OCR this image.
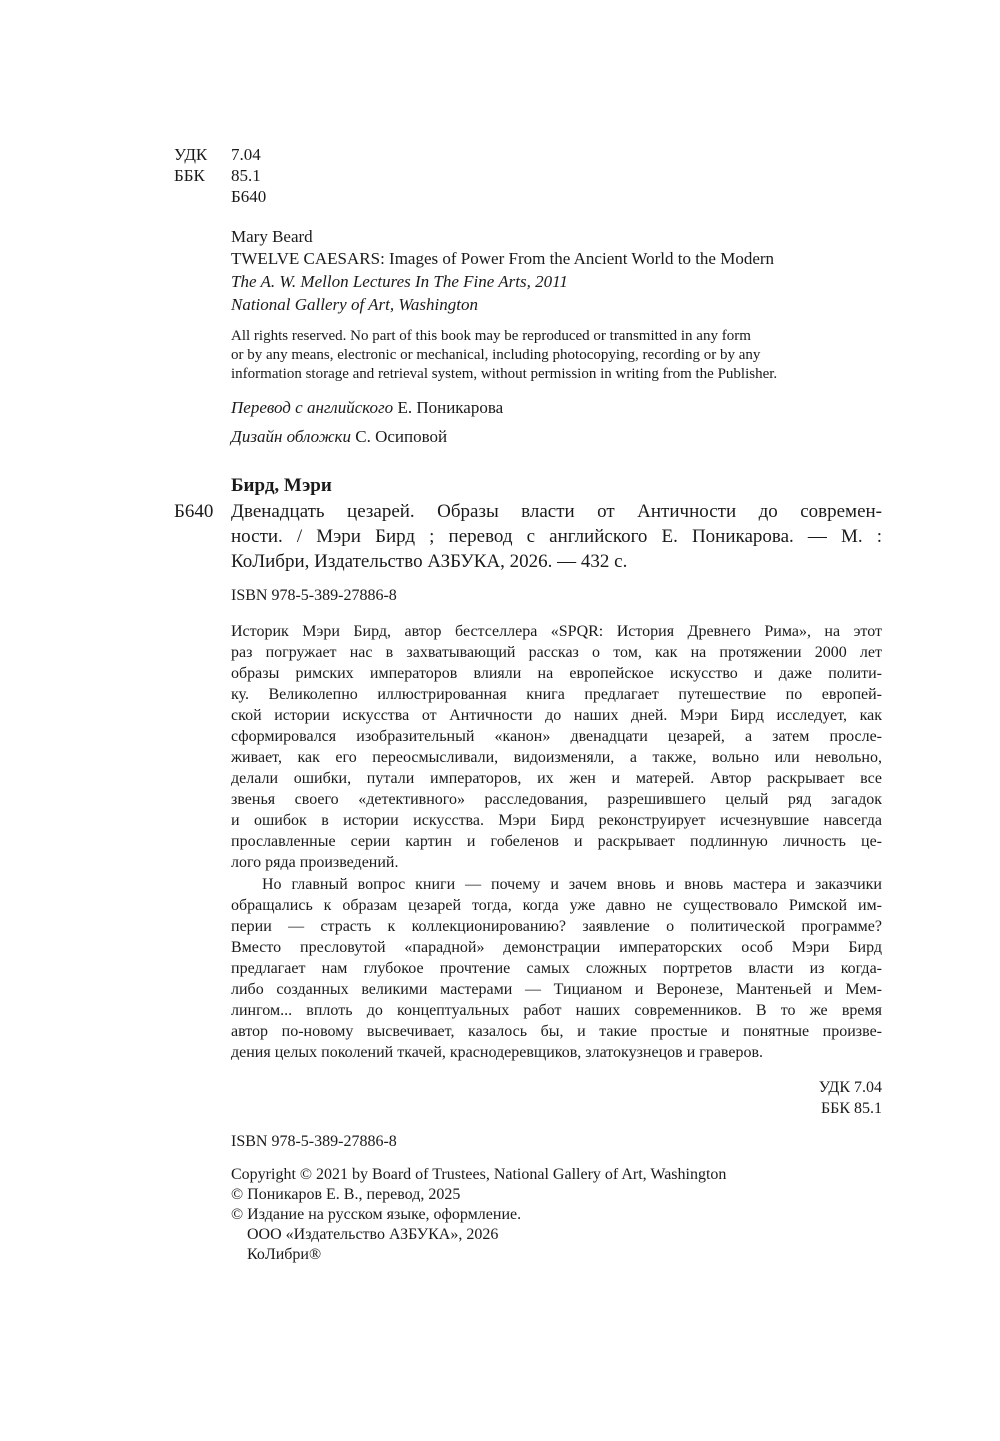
УДК 7.04
ББК 85.1
Б640
Mary Beard
TWELVE CAESARS: Images of Power From the Ancient World to the Modern
The A. W. Mellon Lectures In The Fine Arts, 2011
National Gallery of Art, Washington
All rights reserved. No part of this book may be reproduced or transmitted in any form
or by any means, electronic or mechanical, including photocopying, recording or by any
information storage and retrieval system, without permission in writing from the Publisher.
Перевод с английского Е. Поникарова
Дизайн обложки С. Осиповой
Бирд, Мэри
Б640 Двенадцать цезарей. Образы власти от Античности до современ-
ности. / Мэри Бирд ; перевод с английского Е. Поникарова. — М. :
КоЛибри, Издательство АЗБУКА, 2026. — 432 с.
ISBN 978-5-389-27886-8
Историк Мэри Бирд, автор бестселлера «SPQR: История Древнего Рима», на этот
раз погружает нас в захватывающий рассказ о том, как на протяжении 2000 лет
образы римских императоров влияли на европейское искусство и даже полити-
ку. Великолепно иллюстрированная книга предлагает путешествие по европей-
ской истории искусства от Античности до наших дней. Мэри Бирд исследует, как
сформировался изобразительный «канон» двенадцати цезарей, а затем просле-
живает, как его переосмысливали, видоизменяли, а также, вольно или невольно,
делали ошибки, путали императоров, их жен и матерей. Автор раскрывает все
звенья своего «детективного» расследования, разрешившего целый ряд загадок
и ошибок в истории искусства. Мэри Бирд реконструирует исчезнувшие навсегда
прославленные серии картин и гобеленов и раскрывает подлинную личность це-
лого ряда произведений.
Но главный вопрос книги — почему и зачем вновь и вновь мастера и заказчики
обращались к образам цезарей тогда, когда уже давно не существовало Римской им-
перии — страсть к коллекционированию? заявление о политической программе?
Вместо пресловутой «парадной» демонстрации императорских особ Мэри Бирд
предлагает нам глубокое прочтение самых сложных портретов власти из когда-
либо созданных великими мастерами — Тицианом и Веронезе, Мантеньей и Мем-
лингом... вплоть до концептуальных работ наших современников. В то же время
автор по-новому высвечивает, казалось бы, и такие простые и понятные произве-
дения целых поколений ткачей, краснодеревщиков, златокузнецов и граверов.
УДК 7.04
ББК 85.1
ISBN 978-5-389-27886-8
Copyright © 2021 by Board of Trustees, National Gallery of Art, Washington
© Поникаров Е. В., перевод, 2025
© Издание на русском языке, оформление.
ООО «Издательство АЗБУКА», 2026
КоЛибри®
